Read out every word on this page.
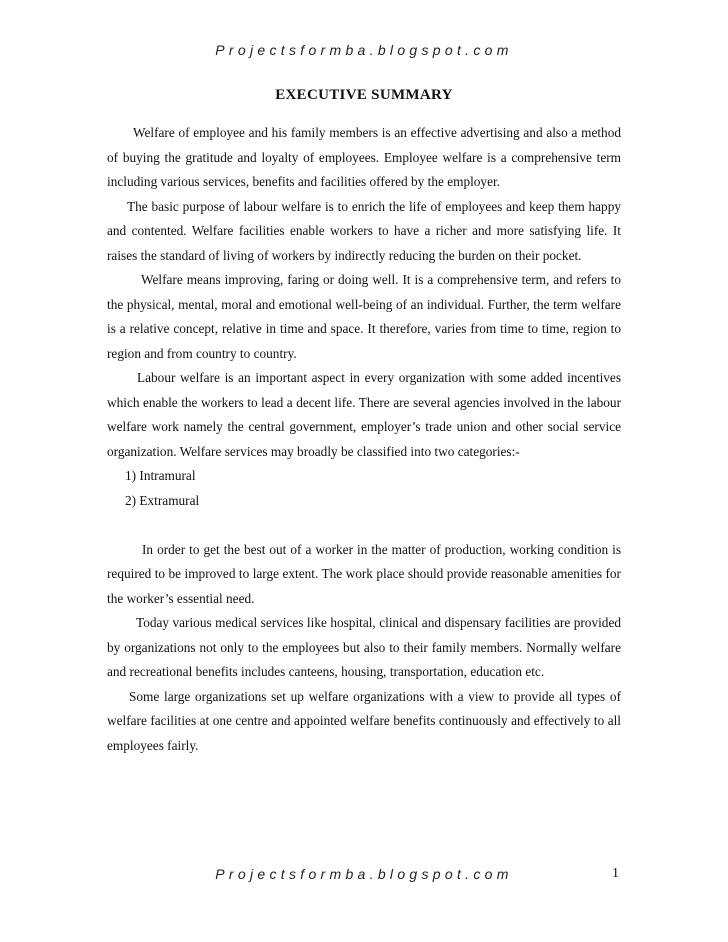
Projectsformba.blogspot.com
EXECUTIVE SUMMARY

Welfare of employee and his family members is an effective advertising and also a method of buying the gratitude and loyalty of employees. Employee welfare is a comprehensive term including various services, benefits and facilities offered by the employer.

The basic purpose of labour welfare is to enrich the life of employees and keep them happy and contented. Welfare facilities enable workers to have a richer and more satisfying life. It raises the standard of living of workers by indirectly reducing the burden on their pocket.

Welfare means improving, faring or doing well. It is a comprehensive term, and refers to the physical, mental, moral and emotional well-being of an individual. Further, the term welfare is a relative concept, relative in time and space. It therefore, varies from time to time, region to region and from country to country.

Labour welfare is an important aspect in every organization with some added incentives which enable the workers to lead a decent life. There are several agencies involved in the labour welfare work namely the central government, employer’s trade union and other social service organization. Welfare services may broadly be classified into two categories:-

1) Intramural
2) Extramural

In order to get the best out of a worker in the matter of production, working condition is required to be improved to large extent. The work place should provide reasonable amenities for the worker’s essential need.

Today various medical services like hospital, clinical and dispensary facilities are provided by organizations not only to the employees but also to their family members. Normally welfare and recreational benefits includes canteens, housing, transportation, education etc.

Some large organizations set up welfare organizations with a view to provide all types of welfare facilities at one centre and appointed welfare benefits continuously and effectively to all employees fairly.

Projectsformba.blogspot.com	1
